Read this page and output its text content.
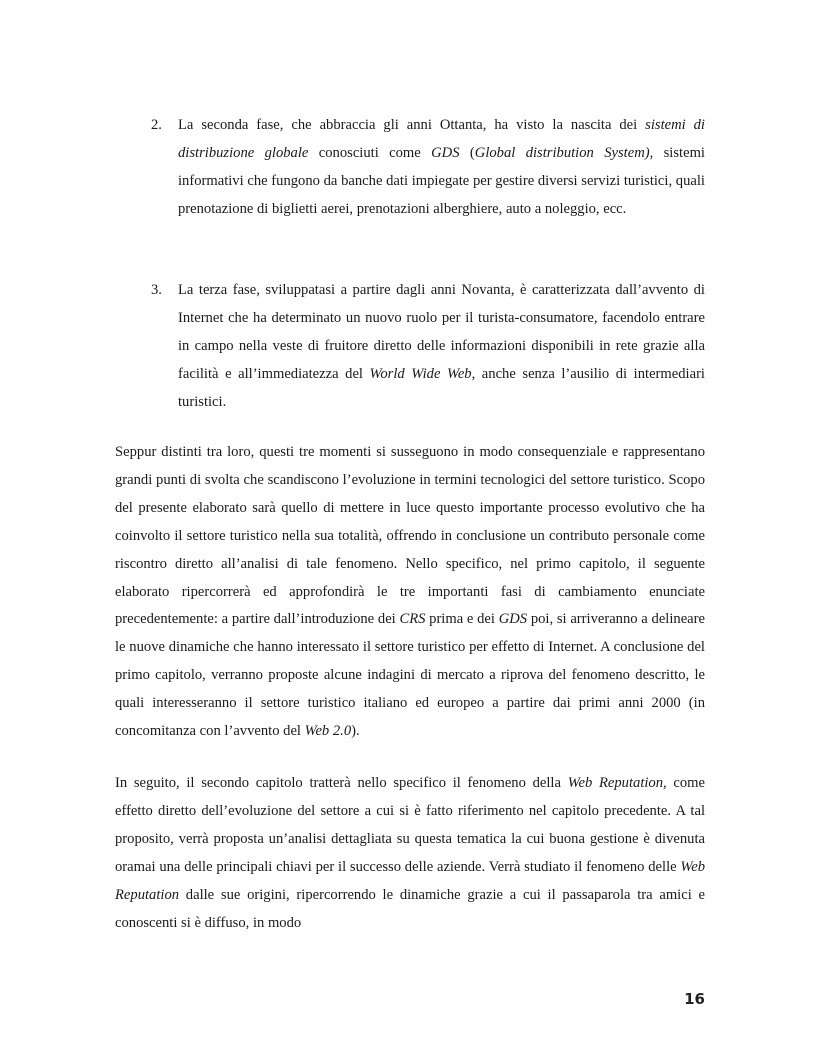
2. La seconda fase, che abbraccia gli anni Ottanta, ha visto la nascita dei sistemi di distribuzione globale conosciuti come GDS (Global distribution System), sistemi informativi che fungono da banche dati impiegate per gestire diversi servizi turistici, quali prenotazione di biglietti aerei, prenotazioni alberghiere, auto a noleggio, ecc.
3. La terza fase, sviluppatasi a partire dagli anni Novanta, è caratterizzata dall’avvento di Internet che ha determinato un nuovo ruolo per il turista-consumatore, facendolo entrare in campo nella veste di fruitore diretto delle informazioni disponibili in rete grazie alla facilità e all’immediatezza del World Wide Web, anche senza l’ausilio di intermediari turistici.
Seppur distinti tra loro, questi tre momenti si susseguono in modo consequenziale e rappresentano grandi punti di svolta che scandiscono l’evoluzione in termini tecnologici del settore turistico. Scopo del presente elaborato sarà quello di mettere in luce questo importante processo evolutivo che ha coinvolto il settore turistico nella sua totalità, offrendo in conclusione un contributo personale come riscontro diretto all’analisi di tale fenomeno. Nello specifico, nel primo capitolo, il seguente elaborato ripercorrerà ed approfondirà le tre importanti fasi di cambiamento enunciate precedentemente: a partire dall’introduzione dei CRS prima e dei GDS poi, si arriveranno a delineare le nuove dinamiche che hanno interessato il settore turistico per effetto di Internet. A conclusione del primo capitolo, verranno proposte alcune indagini di mercato a riprova del fenomeno descritto, le quali interesseranno il settore turistico italiano ed europeo a partire dai primi anni 2000 (in concomitanza con l’avvento del Web 2.0).
In seguito, il secondo capitolo tratterà nello specifico il fenomeno della Web Reputation, come effetto diretto dell’evoluzione del settore a cui si è fatto riferimento nel capitolo precedente. A tal proposito, verrà proposta un’analisi dettagliata su questa tematica la cui buona gestione è divenuta oramai una delle principali chiavi per il successo delle aziende. Verrà studiato il fenomeno delle Web Reputation dalle sue origini, ripercorrendo le dinamiche grazie a cui il passaparola tra amici e conoscenti si è diffuso, in modo
16
